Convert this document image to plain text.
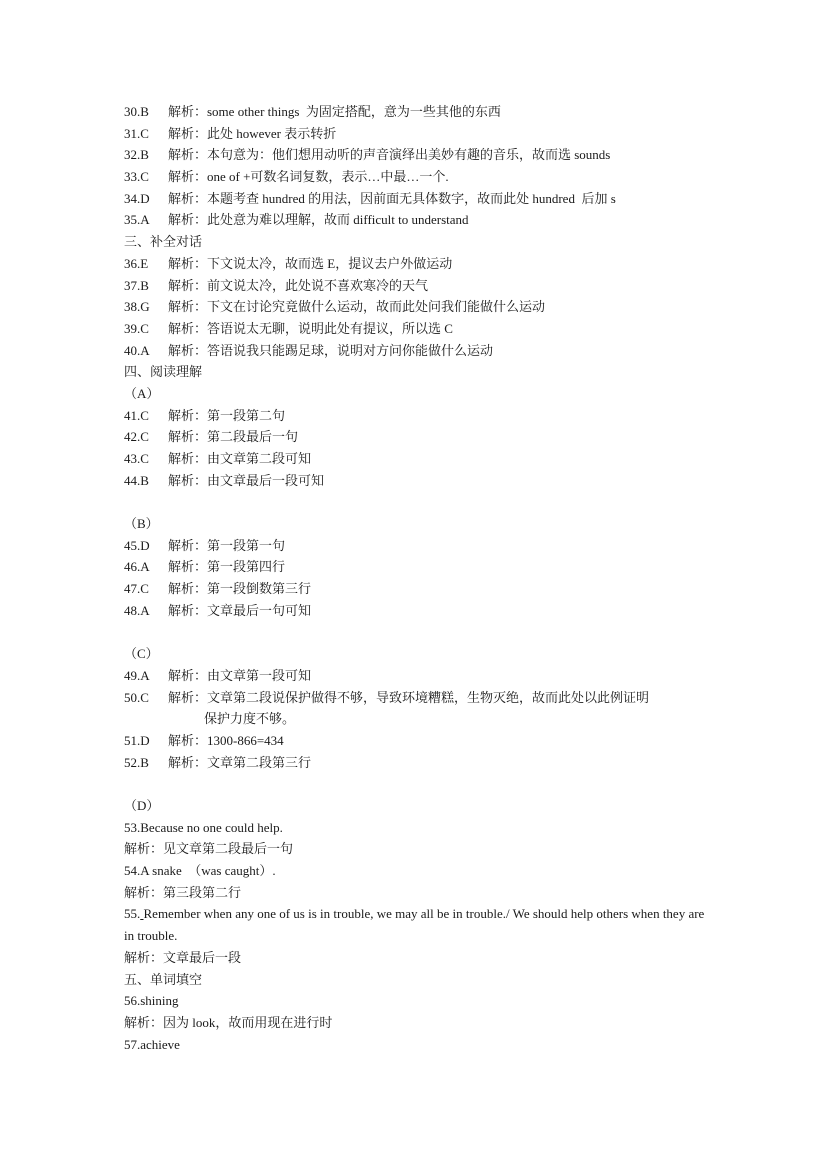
30.B 解析：some other things  为固定搭配，意为一些其他的东西
31.C 解析：此处 however 表示转折
32.B 解析：本句意为：他们想用动听的声音演绎出美妙有趣的音乐，故而选 sounds
33.C 解析：one of +可数名词复数，表示…中最…一个.
34.D 解析：本题考查 hundred 的用法，因前面无具体数字，故而此处 hundred  后加 s
35.A 解析：此处意为难以理解，故而 difficult to understand
三、补全对话
36.E 解析：下文说太冷，故而选 E，提议去户外做运动
37.B 解析：前文说太冷，此处说不喜欢寒冷的天气
38.G 解析：下文在讨论究竟做什么运动，故而此处问我们能做什么运动
39.C 解析：答语说太无聊，说明此处有提议，所以选 C
40.A 解析：答语说我只能踢足球，说明对方问你能做什么运动
四、阅读理解
（A）
41.C 解析：第一段第二句
42.C 解析：第二段最后一句
43.C 解析：由文章第二段可知
44.B 解析：由文章最后一段可知
（B）
45.D 解析：第一段第一句
46.A 解析：第一段第四行
47.C 解析：第一段倒数第三行
48.A 解析：文章最后一句可知
（C）
49.A 解析：由文章第一段可知
50.C 解析：文章第二段说保护做得不够，导致环境糟糕，生物灭绝，故而此处以此例证明
保护力度不够。
51.D 解析：1300-866=434
52.B 解析：文章第二段第三行
（D）
53.Because no one could help.
解析：见文章第二段最后一句
54.A snake  （was caught）.
解析：第三段第二行
55. Remember when any one of us is in trouble, we may all be in trouble./ We should help others when they are in trouble.
解析：文章最后一段
五、单词填空
56.shining
解析：因为 look，故而用现在进行时
57.achieve
